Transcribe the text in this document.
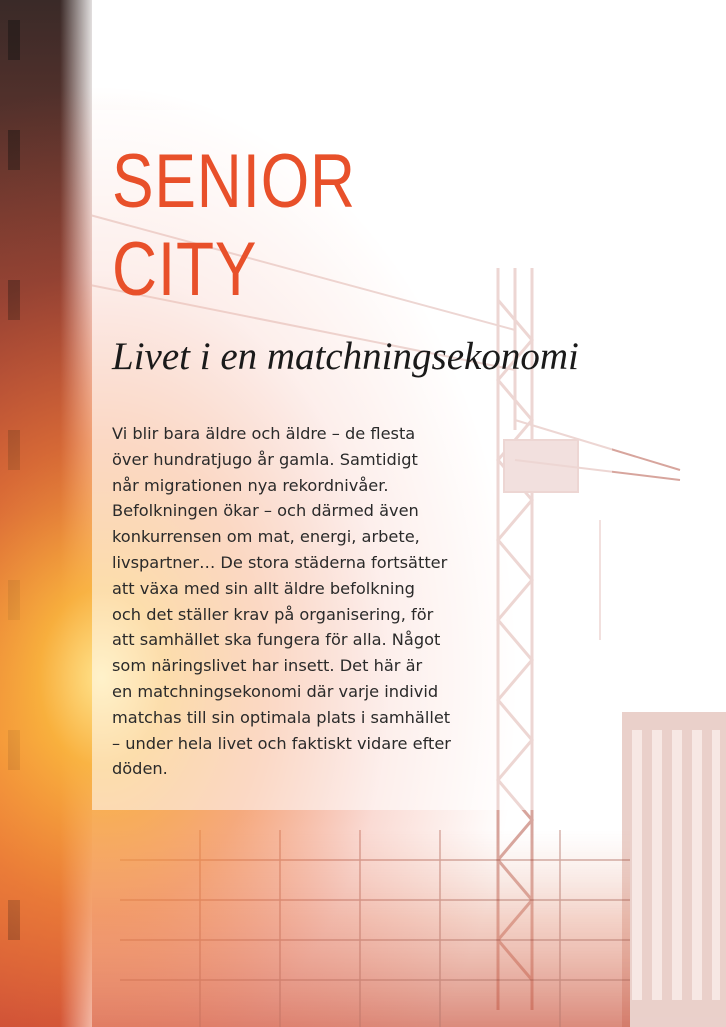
SENIOR
CITY
Livet i en matchningsekonomi

Vi blir bara äldre och äldre – de flesta
över hundratjugo år gamla. Samtidigt
når migrationen nya rekordnivåer.
Befolkningen ökar – och därmed även
konkurrensen om mat, energi, arbete,
livspartner… De stora städerna fortsätter
att växa med sin allt äldre befolkning
och det ställer krav på organisering, för
att samhället ska fungera för alla. Något
som näringslivet har insett. Det här är
en matchningsekonomi där varje individ
matchas till sin optimala plats i samhället
– under hela livet och faktiskt vidare efter
döden.
